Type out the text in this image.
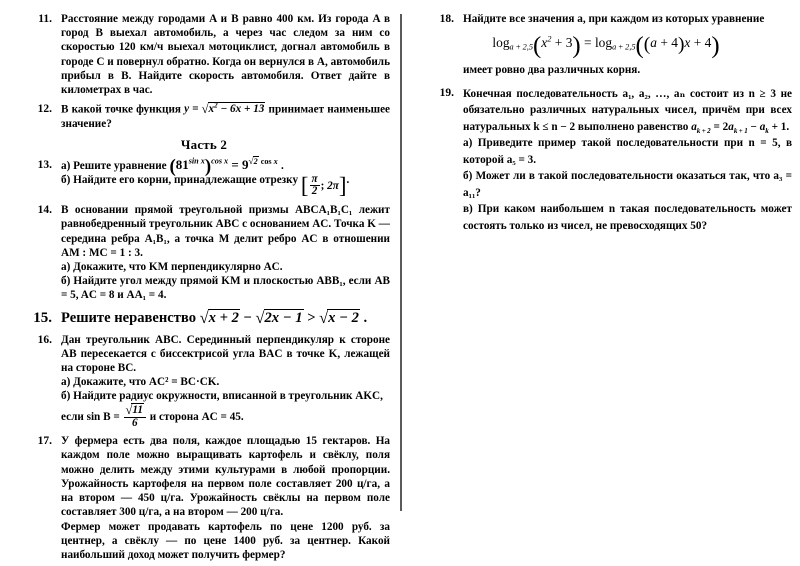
11. Расстояние между городами A и B равно 400 км. Из города A в город B выехал автомобиль, а через час следом за ним со скоростью 120 км/ч выехал мотоциклист, догнал автомобиль в городе C и повернул обратно. Когда он вернулся в A, автомобиль прибыл в B. Найдите скорость автомобиля. Ответ дайте в километрах в час.

12. В какой точке функция $y = √x^2 - 6x + 13$ принимает наименьшее значение?

Часть 2
13. а) Решите уравнение $(81^{sin x})^{cos x} = 9^{√2 cos x}$ .

б) Найдите его корни, принадлежащие отрезку [ $\frac{\pi}{2}$ ; 2π].

14. В основании прямой треугольной призмы ABCA₁B₁C₁ лежит равнобедренный треугольник ABC с основанием AC. Точка K — середина ребра A₁B₁, а точка M делит ребро AC в отношении AM : MC = 1 : 3.

а) Докажите, что KM перпендикулярно AC.

б) Найдите угол между прямой KM и плоскостью ABB₁, если AB = 5, AC = 8 и AA₁ = 4.

15. Решите неравенство √x + 2 − √2x − 1 > √x − 2 .

16. Дан треугольник ABC. Серединный перпендикуляр к стороне AB пересекается с биссектрисой угла BAC в точке K, лежащей на стороне BC.

а) Докажите, что AC² = BC·CK.

б) Найдите радиус окружности, вписанной в треугольник AKC,

если $\sin B = \frac{√11}{6}$ и сторона AC = 45.

17. У фермера есть два поля, каждое площадью 15 гектаров. На каждом поле можно выращивать картофель и свёклу, поля можно делить между этими культурами в любой пропорции. Урожайность картофеля на первом поле составляет 200 ц/га, а на втором — 450 ц/га. Урожайность свёклы на первом поле составляет 300 ц/га, а на втором — 200 ц/га.

Фермер может продавать картофель по цене 1200 руб. за центнер, а свёклу — по цене 1400 руб. за центнер. Какой наибольший доход может получить фермер?

18. Найдите все значения a, при каждом из которых уравнение

$\log a + 2,5(x^2 + 3) = \log a + 2,5((a + 4)x + 4)$

имеет ровно два различных корня.

19. Конечная последовательность a₁, a₂, …, aₙ состоит из n ≥ 3 не обязательно различных натуральных чисел, причём при всех натуральных k ≤ n − 2 выполнено равенство $a_{k + 2} = 2a_{k + 1} - a_k + 1$.

а) Приведите пример такой последовательности при n = 5, в которой a₅ = 3.

б) Может ли в такой последовательности оказаться так, что a₃ = a₁₁?

в) При каком наибольшем n такая последовательность может состоять только из чисел, не превосходящих 50?
